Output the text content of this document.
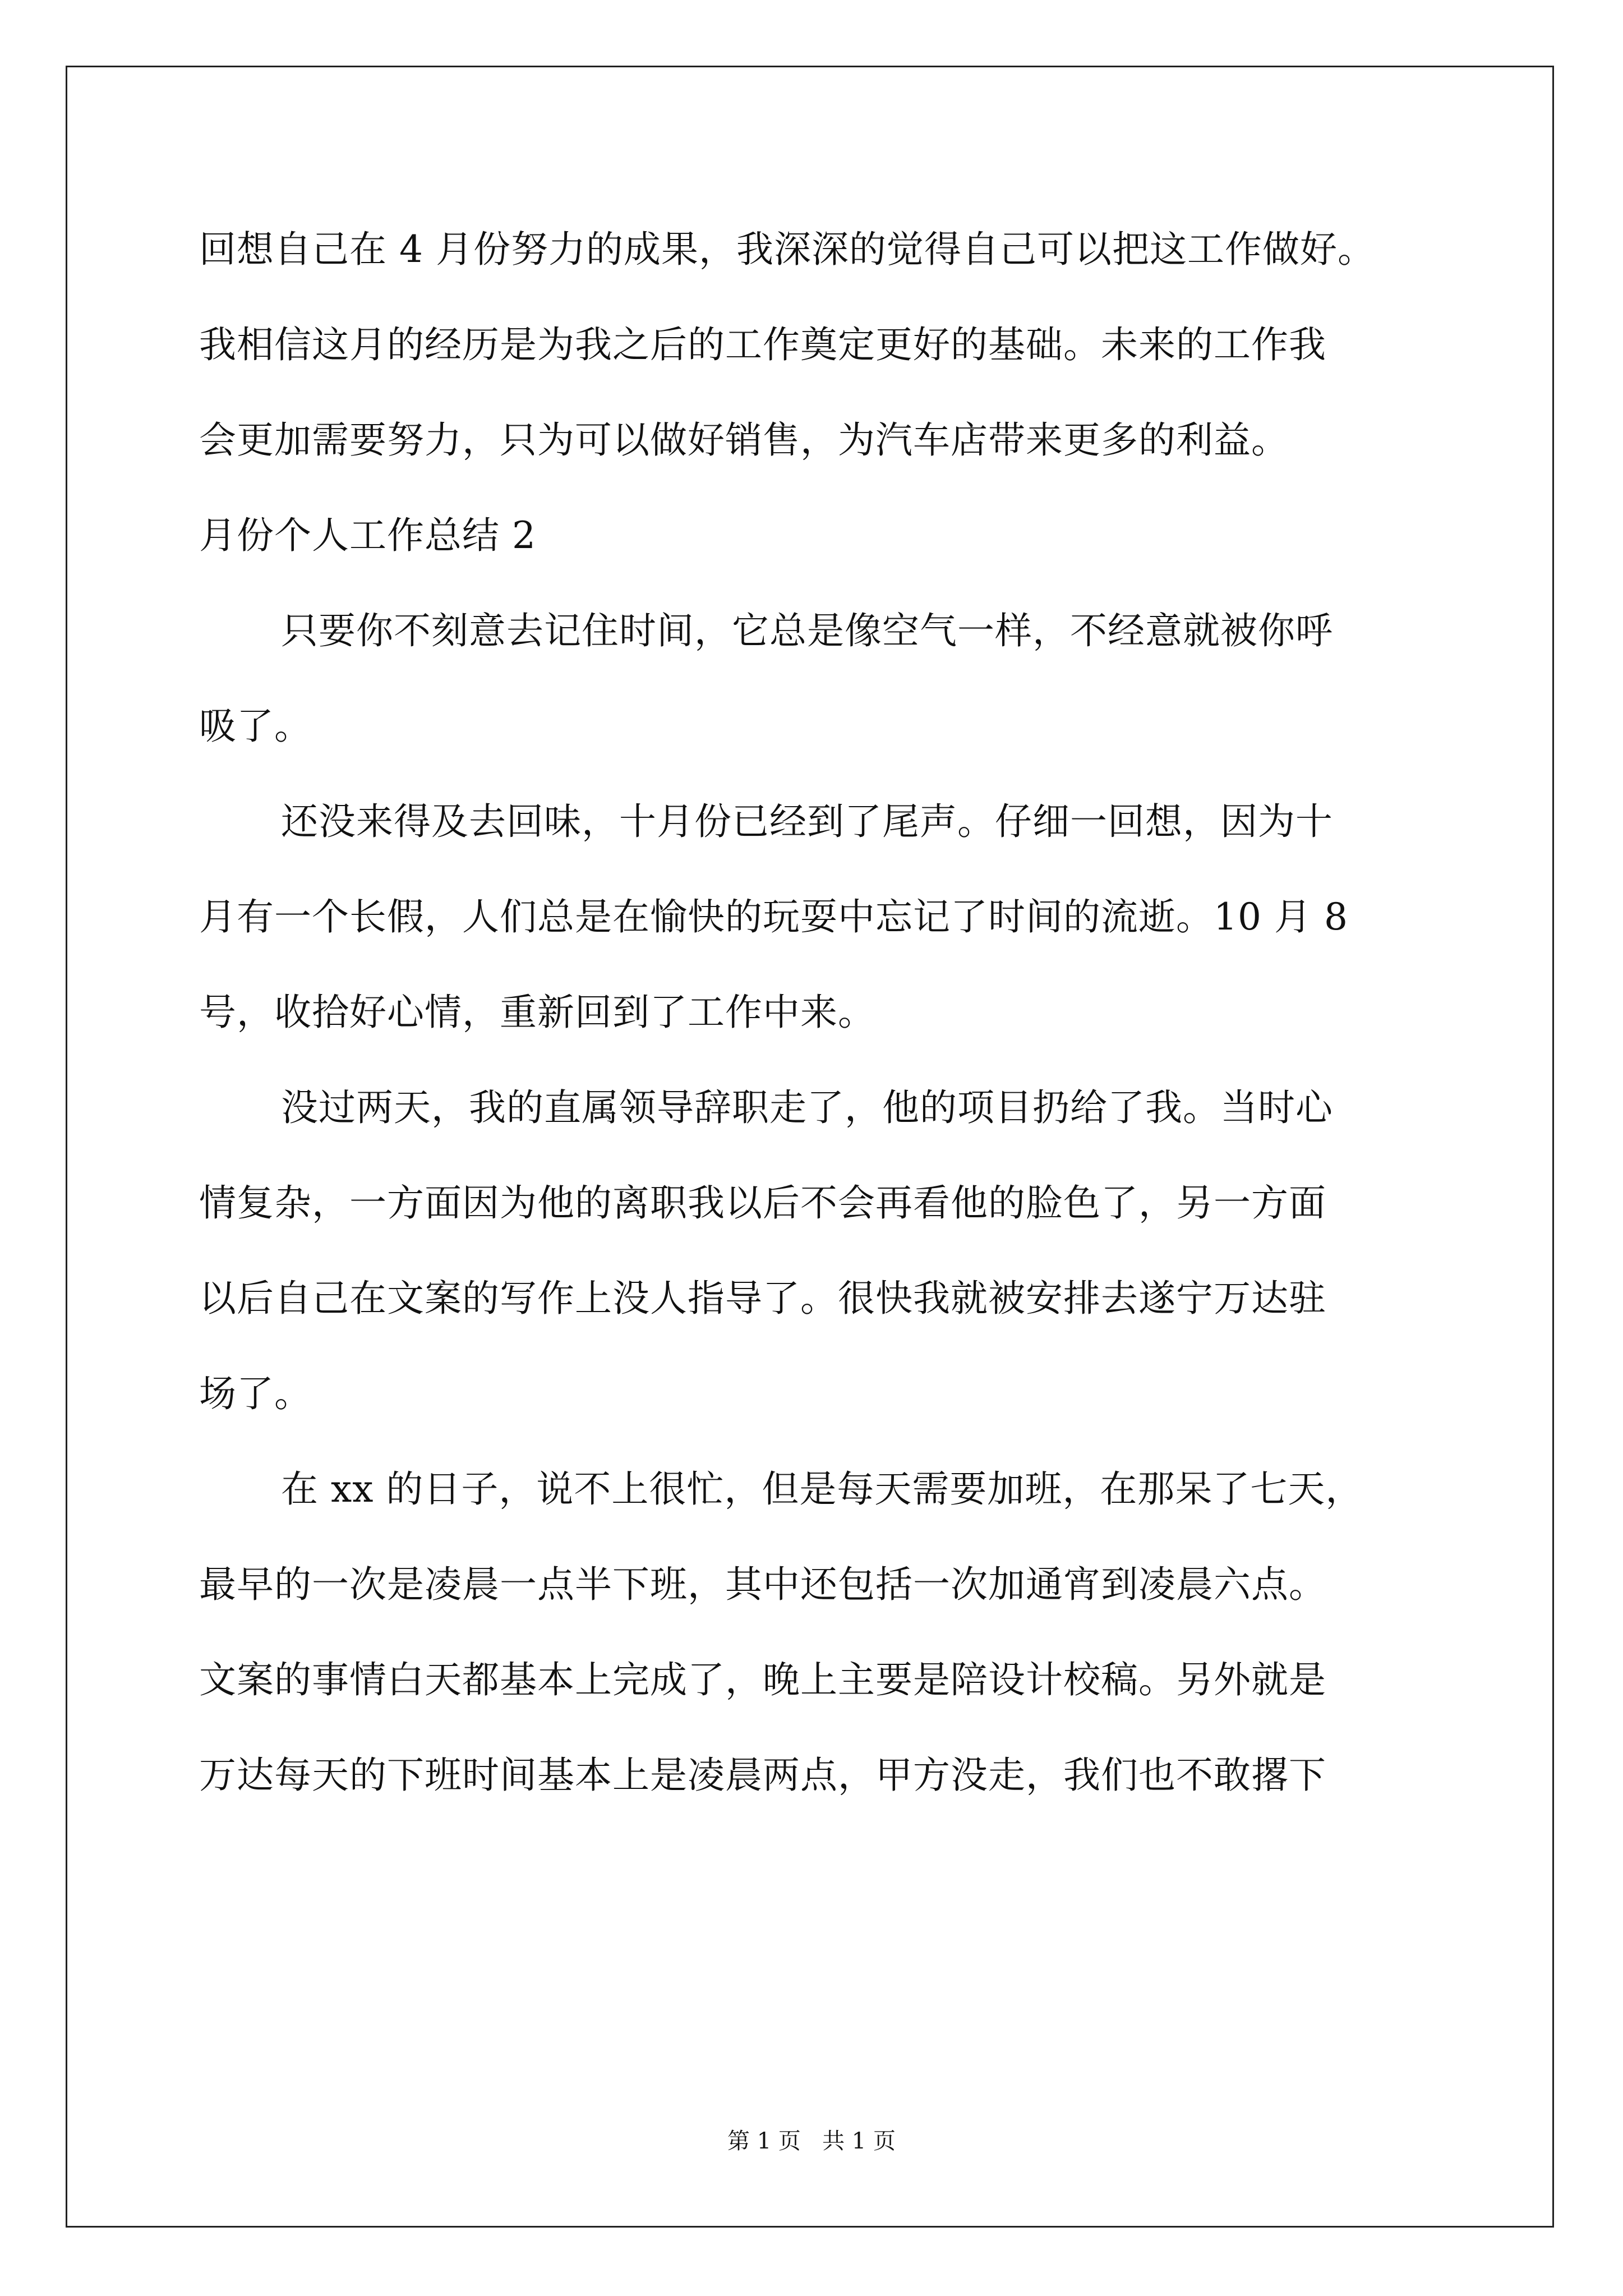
回想自己在 4 月份努力的成果，我深深的觉得自己可以把这工作做好。
我相信这月的经历是为我之后的工作奠定更好的基础。未来的工作我
会更加需要努力，只为可以做好销售，为汽车店带来更多的利益。
月份个人工作总结 2
只要你不刻意去记住时间，它总是像空气一样，不经意就被你呼
吸了。
还没来得及去回味，十月份已经到了尾声。仔细一回想，因为十
月有一个长假，人们总是在愉快的玩耍中忘记了时间的流逝。10 月 8
号，收拾好心情，重新回到了工作中来。
没过两天，我的直属领导辞职走了，他的项目扔给了我。当时心
情复杂，一方面因为他的离职我以后不会再看他的脸色了，另一方面
以后自己在文案的写作上没人指导了。很快我就被安排去遂宁万达驻
场了。
在 xx 的日子，说不上很忙，但是每天需要加班，在那呆了七天，
最早的一次是凌晨一点半下班，其中还包括一次加通宵到凌晨六点。
文案的事情白天都基本上完成了，晚上主要是陪设计校稿。另外就是
万达每天的下班时间基本上是凌晨两点，甲方没走，我们也不敢撂下
第 1 页   共 1 页
